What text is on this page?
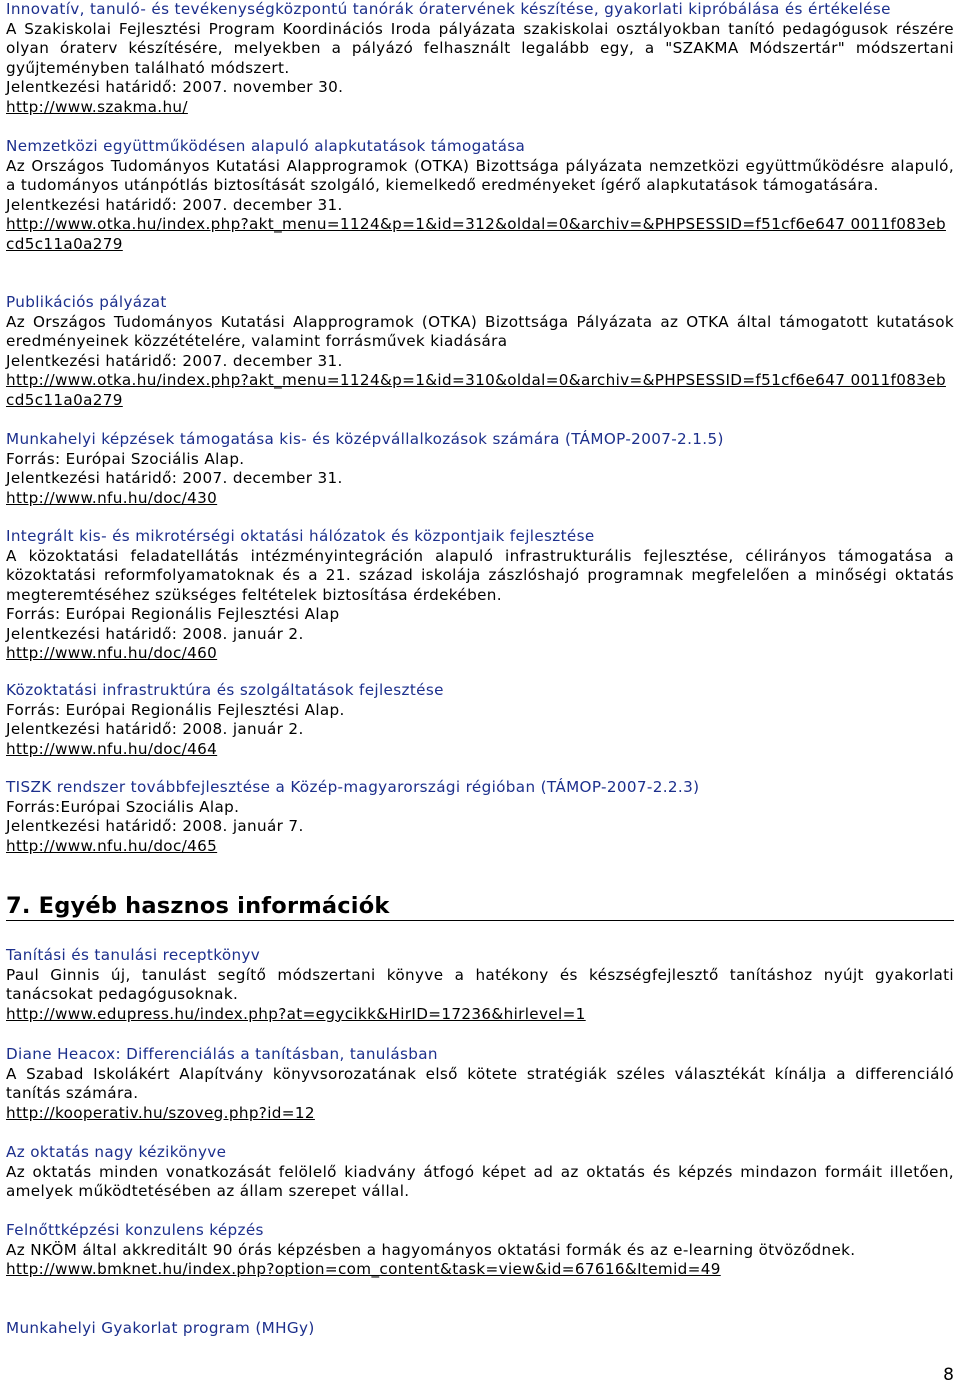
Innovatív, tanuló- és tevékenységközpontú tanórák óratervének készítése, gyakorlati kipróbálása és értékelése
A Szakiskolai Fejlesztési Program Koordinációs Iroda pályázata szakiskolai osztályokban tanító pedagógusok részére olyan óraterv készítésére, melyekben a pályázó felhasznált legalább egy, a "SZAKMA Módszertár" módszertani gyűjteményben található módszert.
Jelentkezési határidő: 2007. november 30.
http://www.szakma.hu/
Nemzetközi együttműködésen alapuló alapkutatások támogatása
Az Országos Tudományos Kutatási Alapprogramok (OTKA) Bizottsága pályázata nemzetközi együttműködésre alapuló, a tudományos utánpótlás biztosítását szolgáló, kiemelkedő eredményeket ígérő alapkutatások támogatására.
Jelentkezési határidő: 2007. december 31.
http://www.otka.hu/index.php?akt_menu=1124&p=1&id=312&oldal=0&archiv=&PHPSESSID=f51cf6e647 0011f083ebcd5c11a0a279
Publikációs pályázat
Az Országos Tudományos Kutatási Alapprogramok (OTKA) Bizottsága Pályázata az OTKA által támogatott kutatások eredményeinek közzétételére, valamint forrásművek kiadására
Jelentkezési határidő: 2007. december 31.
http://www.otka.hu/index.php?akt_menu=1124&p=1&id=310&oldal=0&archiv=&PHPSESSID=f51cf6e647 0011f083ebcd5c11a0a279
Munkahelyi képzések támogatása kis- és középvállalkozások számára (TÁMOP-2007-2.1.5)
Forrás: Európai Szociális Alap.
Jelentkezési határidő: 2007. december 31.
http://www.nfu.hu/doc/430
Integrált kis- és mikrotérségi oktatási hálózatok és központjaik fejlesztése
A közoktatási feladatellátás intézményintegráción alapuló infrastrukturális fejlesztése, célirányos támogatása a közoktatási reformfolyamatoknak és a 21. század iskolája zászlóshajó programnak megfelelően a minőségi oktatás megteremtéséhez szükséges feltételek biztosítása érdekében.
Forrás: Európai Regionális Fejlesztési Alap
Jelentkezési határidő: 2008. január 2.
http://www.nfu.hu/doc/460
Közoktatási infrastruktúra és szolgáltatások fejlesztése
Forrás: Európai Regionális Fejlesztési Alap.
Jelentkezési határidő: 2008. január 2.
http://www.nfu.hu/doc/464
TISZK rendszer továbbfejlesztése a Közép-magyarországi régióban (TÁMOP-2007-2.2.3)
Forrás:Európai Szociális Alap.
Jelentkezési határidő: 2008. január 7.
http://www.nfu.hu/doc/465
7. Egyéb hasznos információk
Tanítási és tanulási receptkönyv
Paul Ginnis új, tanulást segítő módszertani könyve a hatékony és készségfejlesztő tanításhoz nyújt gyakorlati tanácsokat pedagógusoknak.
http://www.edupress.hu/index.php?at=egycikk&HirID=17236&hirlevel=1
Diane Heacox: Differenciálás a tanításban, tanulásban
A Szabad Iskolákért Alapítvány könyvsorozatának első kötete stratégiák széles választékát kínálja a differenciáló tanítás számára.
http://kooperativ.hu/szoveg.php?id=12
Az oktatás nagy kézikönyve
Az oktatás minden vonatkozását felölelő kiadvány átfogó képet ad az oktatás és képzés mindazon formáit illetően, amelyek működtetésében az állam szerepet vállal.
Felnőttképzési konzulens képzés
Az NKÖM által akkreditált 90 órás képzésben a hagyományos oktatási formák és az e-learning ötvöződnek.
http://www.bmknet.hu/index.php?option=com_content&task=view&id=67616&Itemid=49
Munkahelyi Gyakorlat program (MHGy)
8
